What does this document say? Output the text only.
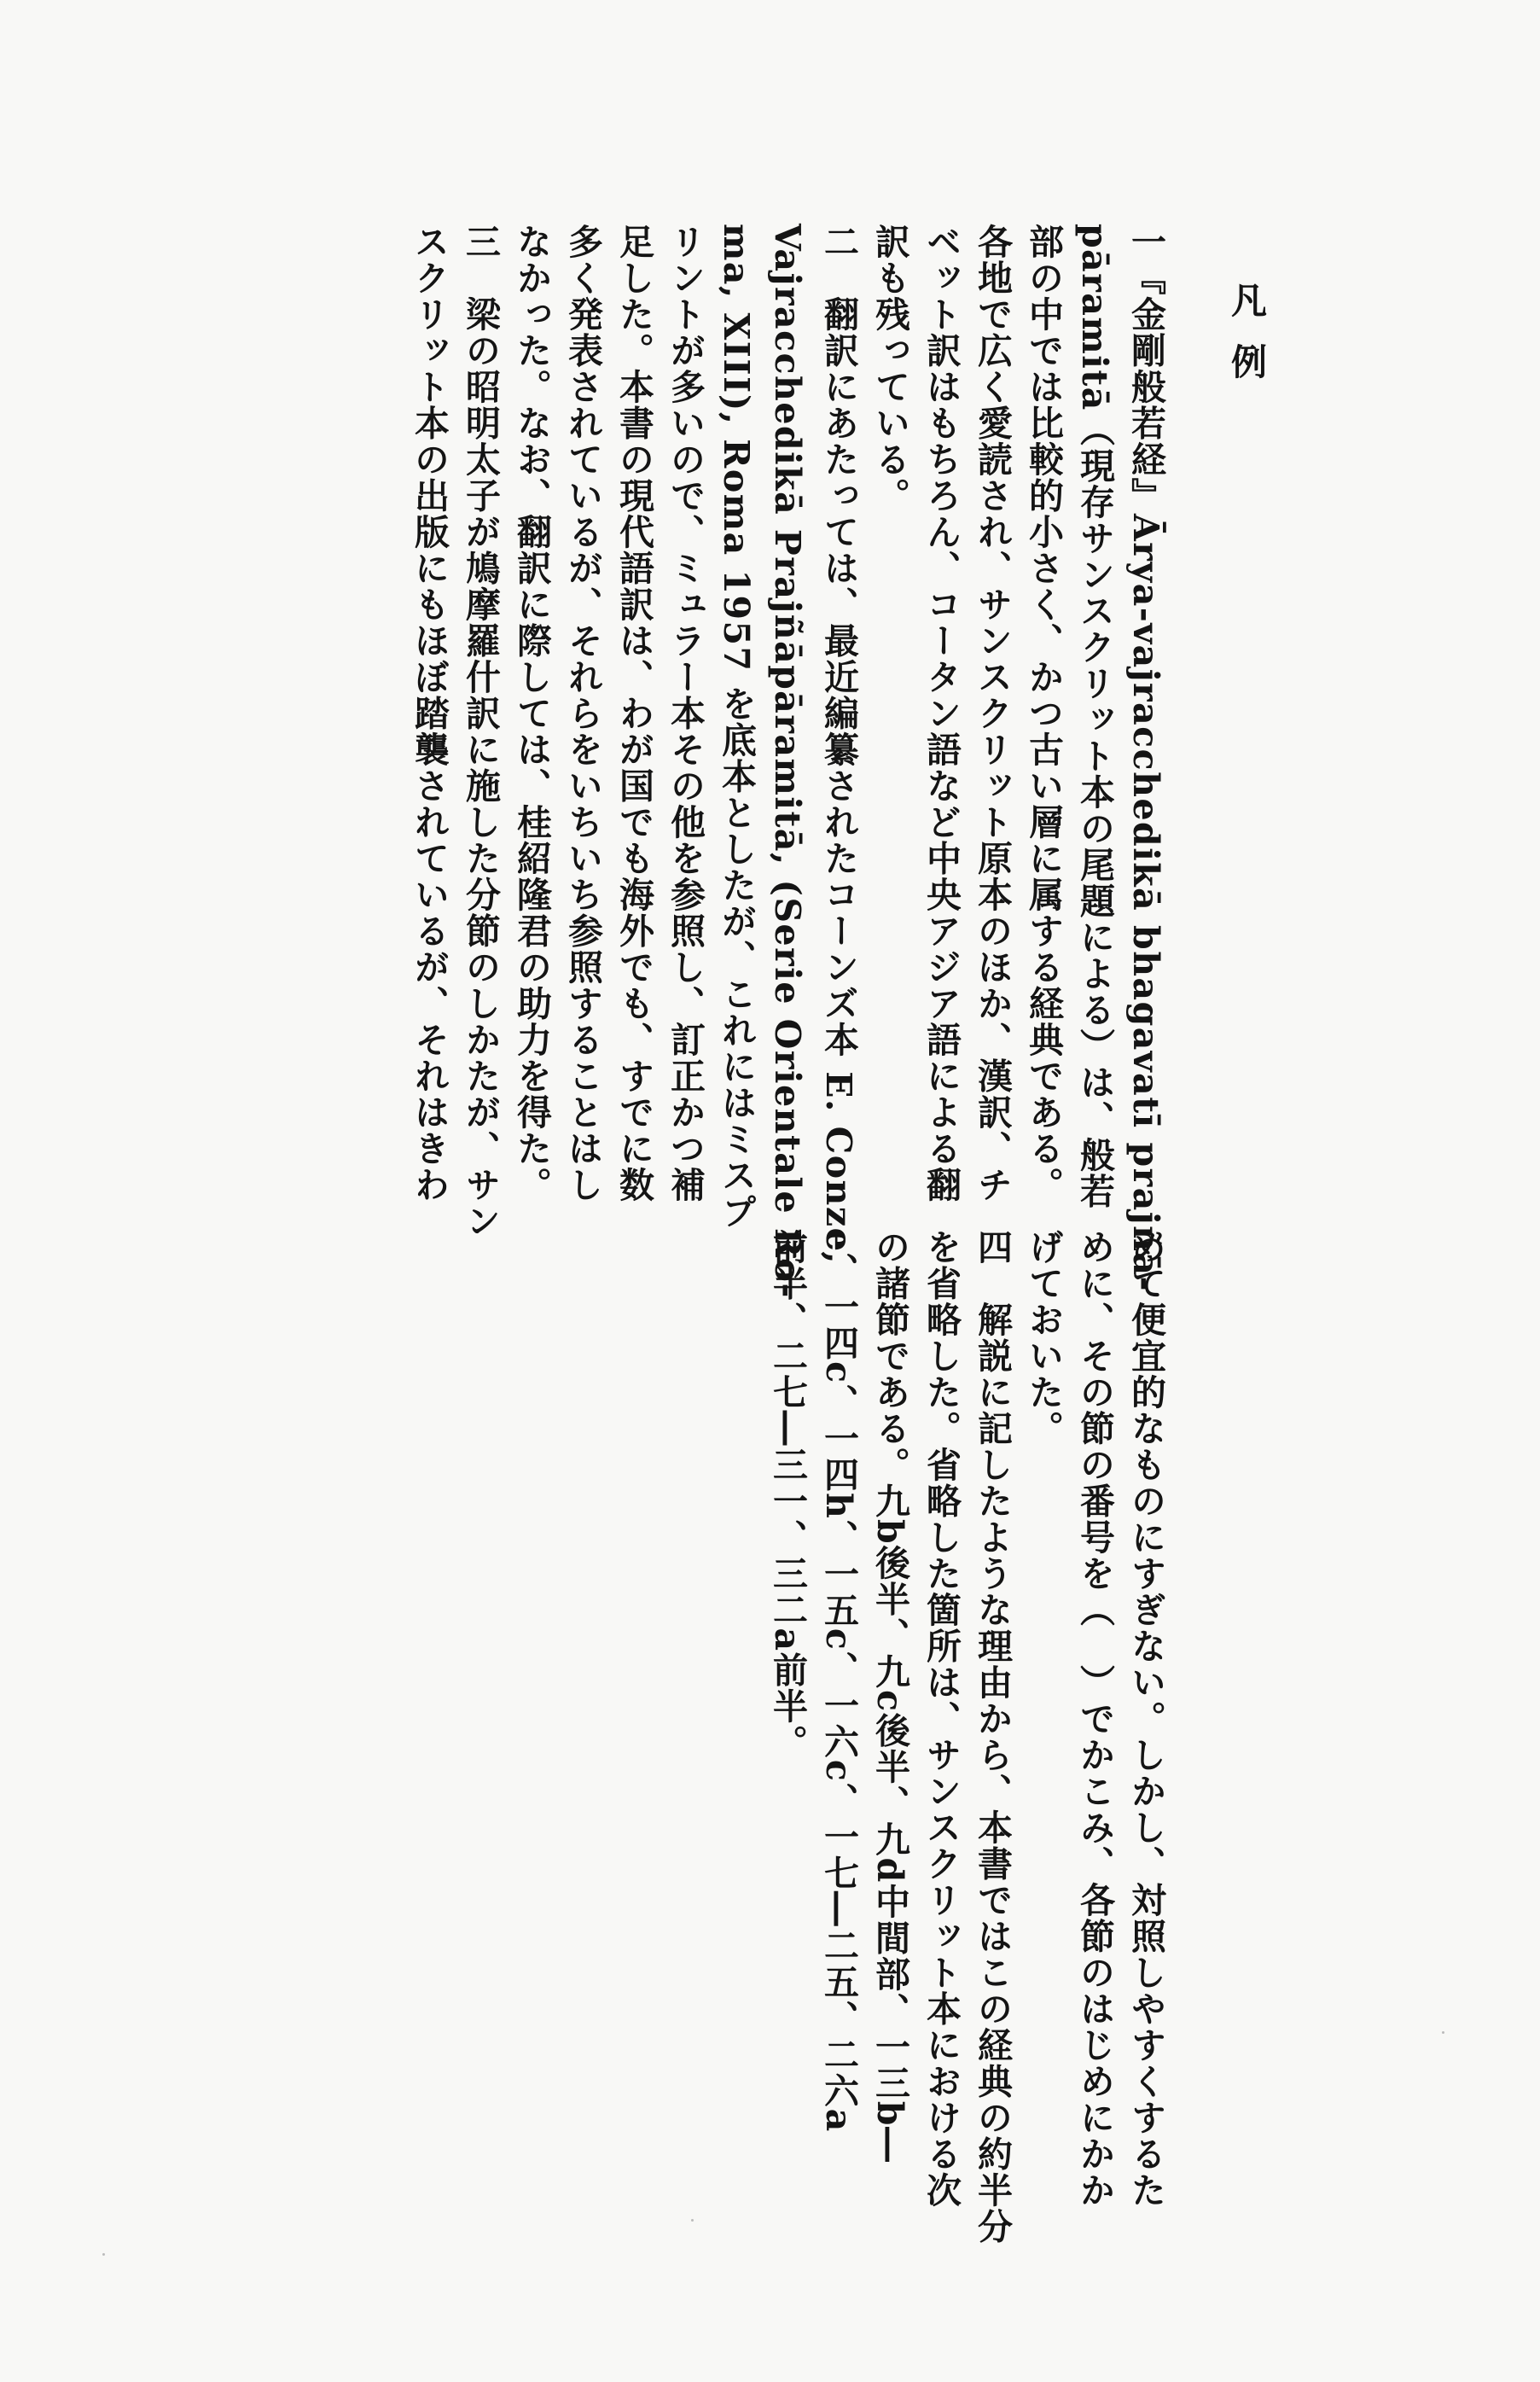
凡例
一『金剛般若経』Ārya-vajracchedikā bhagavatī prajñā-
pāramitā（現存サンスクリット本の尾題による）は、般若
部の中では比較的小さく、かつ古い層に属する経典である。
各地で広く愛読され、サンスクリット原本のほか、漢訳、チ
ベット訳はもちろん、コータン語など中央アジア語による翻
訳も残っている。
二　翻訳にあたっては、最近編纂されたコーンズ本 E. Conze,
Vajracchedikā Prajñāpāramitā, (Serie Orientale Ro-
ma, XIII), Roma 1957 を底本としたが、これにはミスプ
リントが多いので、ミュラー本その他を参照し、訂正かつ補
足した。本書の現代語訳は、わが国でも海外でも、すでに数
多く発表されているが、それらをいちいち参照することはし
なかった。なお、翻訳に際しては、桂紹隆君の助力を得た。
三　梁の昭明太子が鳩摩羅什訳に施した分節のしかたが、サン
スクリット本の出版にもほぼ踏襲されているが、それはきわ
めて便宜的なものにすぎない。しかし、対照しやすくするた
めに、その節の番号を（　）でかこみ、各節のはじめにかか
げておいた。
四　解説に記したような理由から、本書ではこの経典の約半分
を省略した。省略した箇所は、サンスクリット本における次
の諸節である。九b後半、九c後半、九d中間部、一三b―
e、一四c、一四h、一五c、一六c、一七―二五、二六a
前半、二七―三一、三二a前半。
